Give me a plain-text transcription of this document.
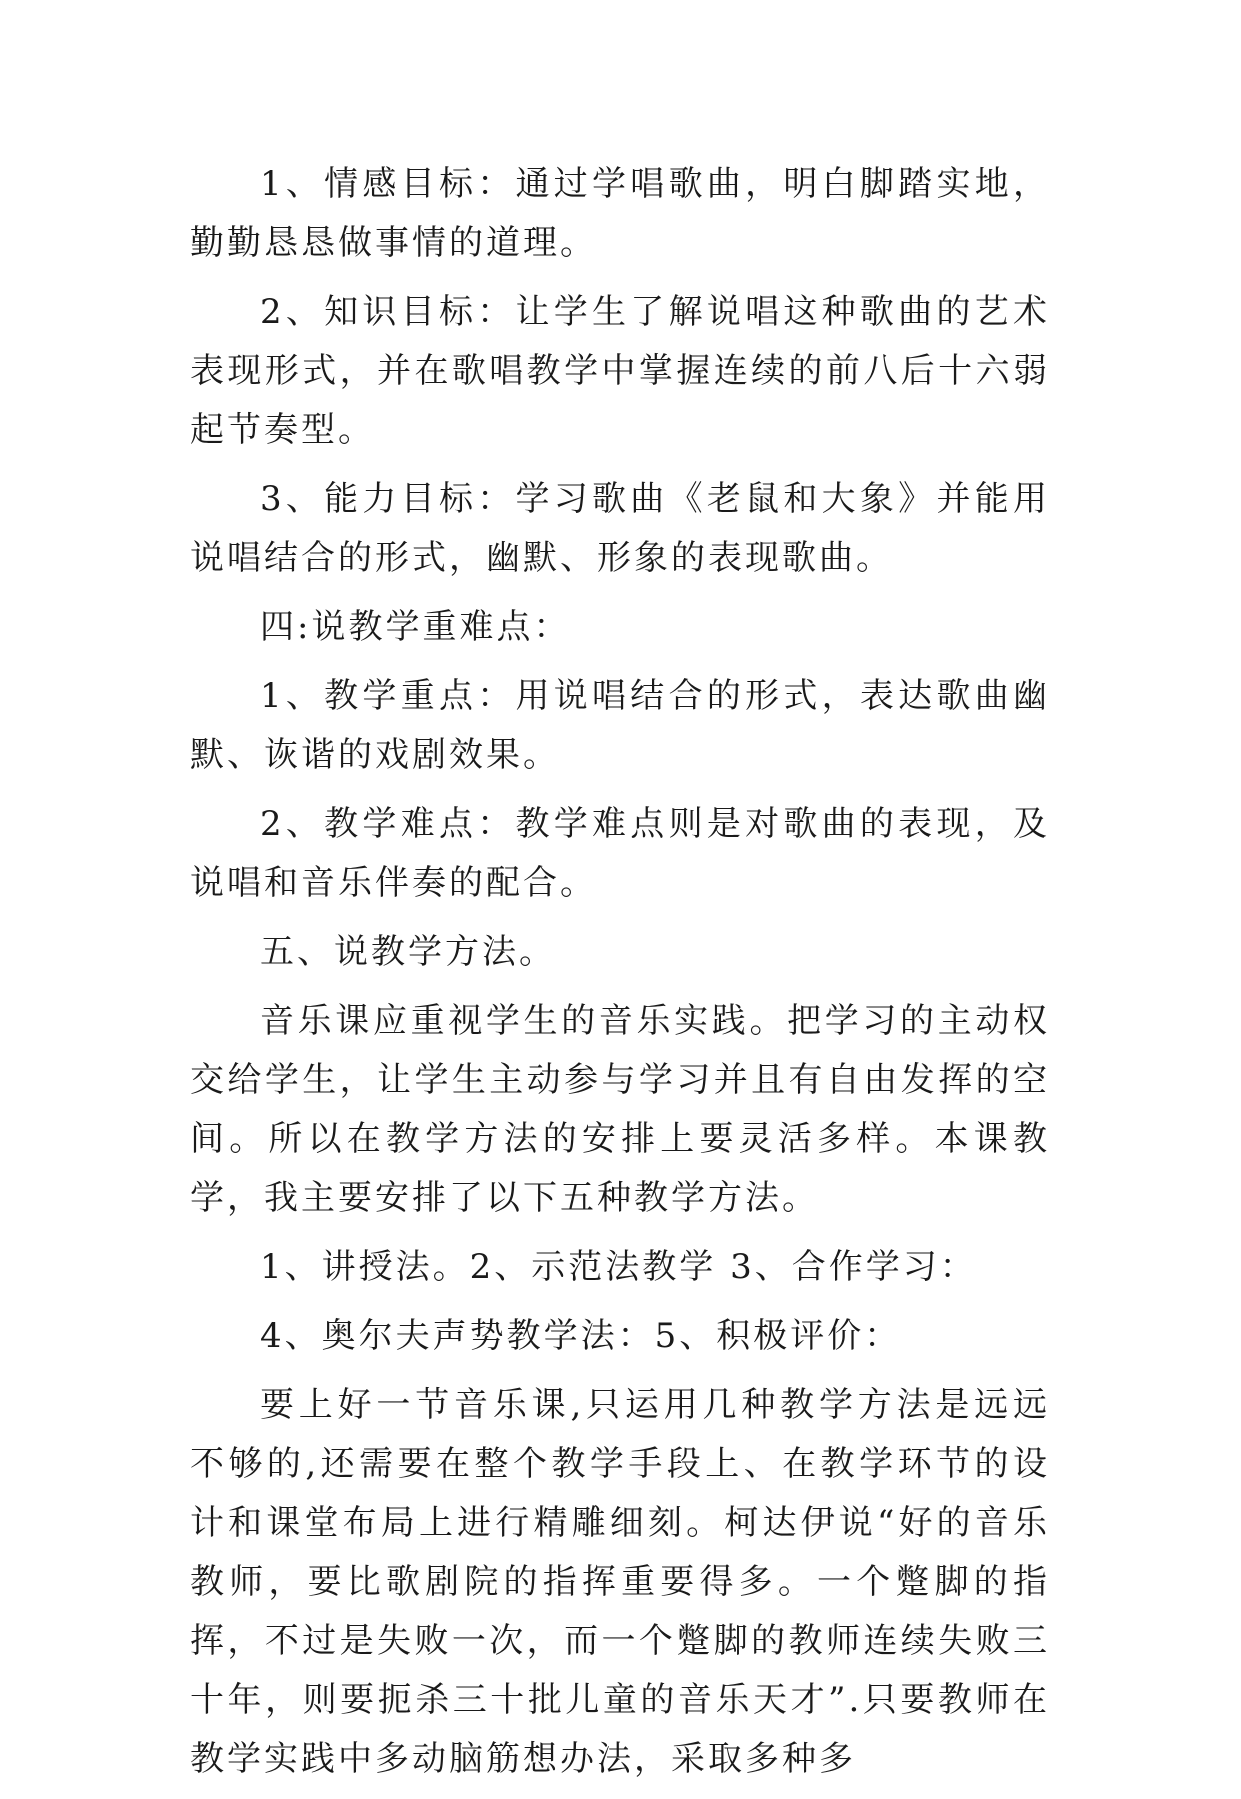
1、情感目标：通过学唱歌曲，明白脚踏实地，勤勤恳恳做事情的道理。

2、知识目标：让学生了解说唱这种歌曲的艺术表现形式，并在歌唱教学中掌握连续的前八后十六弱起节奏型。

3、能力目标：学习歌曲《老鼠和大象》并能用说唱结合的形式，幽默、形象的表现歌曲。

四:说教学重难点：

1、教学重点：用说唱结合的形式，表达歌曲幽默、诙谐的戏剧效果。

2、教学难点：教学难点则是对歌曲的表现，及说唱和音乐伴奏的配合。

五、说教学方法。

音乐课应重视学生的音乐实践。把学习的主动权交给学生，让学生主动参与学习并且有自由发挥的空间。所以在教学方法的安排上要灵活多样。本课教学，我主要安排了以下五种教学方法。

1、讲授法。2、示范法教学 3、合作学习：

4、奥尔夫声势教学法：5、积极评价：

要上好一节音乐课,只运用几种教学方法是远远不够的,还需要在整个教学手段上、在教学环节的设计和课堂布局上进行精雕细刻。柯达伊说“好的音乐教师，要比歌剧院的指挥重要得多。一个蹩脚的指挥，不过是失败一次，而一个蹩脚的教师连续失败三十年，则要扼杀三十批儿童的音乐天才”.只要教师在教学实践中多动脑筋想办法，采取多种多
